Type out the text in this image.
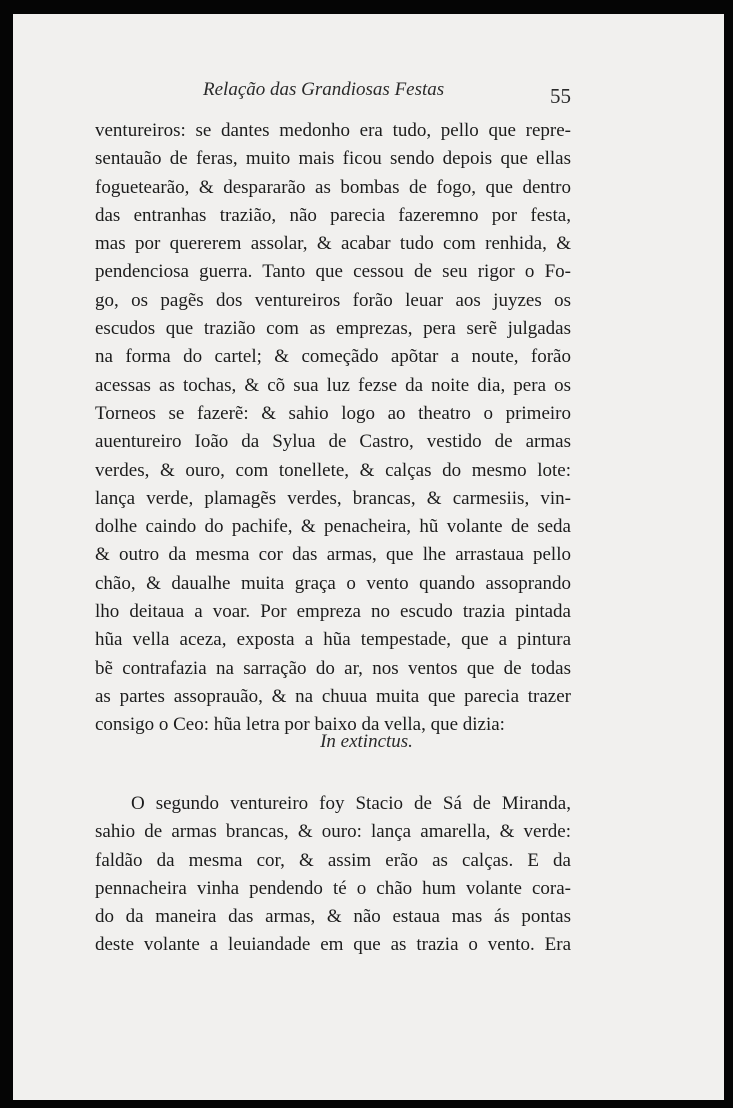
Relação das Grandiosas Festas	55
ventureiros: se dantes medonho era tudo, pello que repre-
sentauão de feras, muito mais ficou sendo depois que ellas
foguetearão, & despararão as bombas de fogo, que dentro
das entranhas trazião, não parecia fazeremno por festa,
mas por quererem assolar, & acabar tudo com renhida, &
pendenciosa guerra. Tanto que cessou de seu rigor o Fo-
go, os pagẽs dos ventureiros forão leuar aos juyzes os
escudos que trazião com as emprezas, pera serẽ julgadas
na forma do cartel; & começãdo apõtar a noute, forão
acessas as tochas, & cõ sua luz fezse da noite dia, pera os
Torneos se fazerẽ: & sahio logo ao theatro o primeiro
auentureiro Ioão da Sylua de Castro, vestido de armas
verdes, & ouro, com tonellete, & calças do mesmo lote:
lança verde, plamagẽs verdes, brancas, & carmesiis, vin-
dolhe caindo do pachife, & penacheira, hũ volante de seda
& outro da mesma cor das armas, que lhe arrastaua pello
chão, & daualhe muita graça o vento quando assoprando
lho deitaua a voar. Por empreza no escudo trazia pintada
hũa vella aceza, exposta a hũa tempestade, que a pintura
bẽ contrafazia na sarração do ar, nos ventos que de todas
as partes assoprauão, & na chuua muita que parecia trazer
consigo o Ceo: hũa letra por baixo da vella, que dizia:
In extinctus.
O segundo ventureiro foy Stacio de Sá de Miranda,
sahio de armas brancas, & ouro: lança amarella, & verde:
faldão da mesma cor, & assim erão as calças. E da
pennacheira vinha pendendo té o chão hum volante cora-
do da maneira das armas, & não estaua mas ás pontas
deste volante a leuiandade em que as trazia o vento. Era
